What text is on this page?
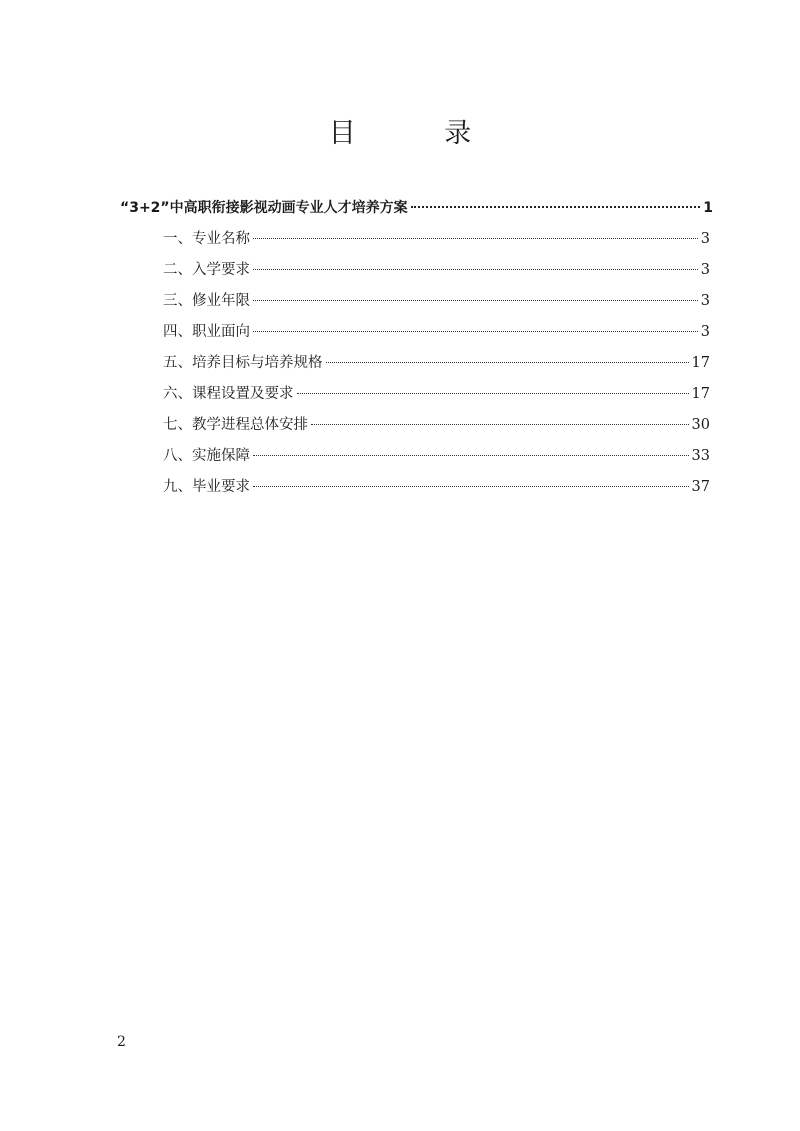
目 录
“3+2”中高职衔接影视动画专业人才培养方案	1
一、专业名称	3
二、入学要求	3
三、修业年限	3
四、职业面向	3
五、培养目标与培养规格	17
六、课程设置及要求	17
七、教学进程总体安排	30
八、实施保障	33
九、毕业要求	37
2
